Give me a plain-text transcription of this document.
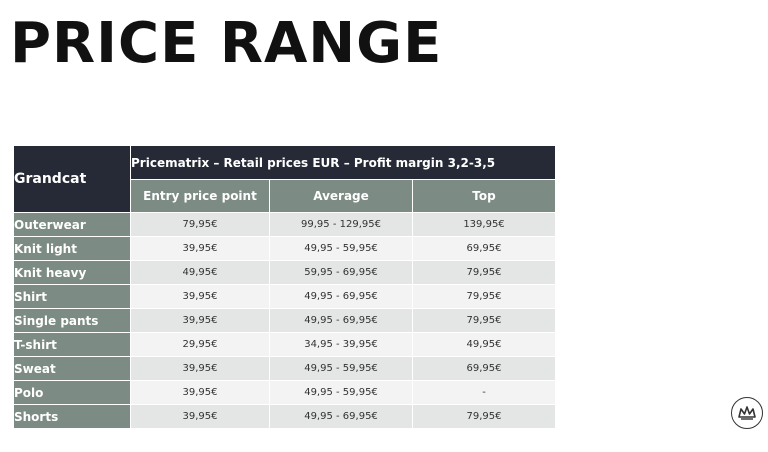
PRICE RANGE
Grandcat	Pricematrix – Retail prices EUR – Profit margin 3,2-3,5		
	Entry price point	Average	Top
Outerwear	79,95€	99,95 - 129,95€	139,95€
Knit light	39,95€	49,95 - 59,95€	69,95€
Knit heavy	49,95€	59,95 - 69,95€	79,95€
Shirt	39,95€	49,95 - 69,95€	79,95€
Single pants	39,95€	49,95 - 69,95€	79,95€
T-shirt	29,95€	34,95 - 39,95€	49,95€
Sweat	39,95€	49,95 - 59,95€	69,95€
Polo	39,95€	49,95 - 59,95€	-
Shorts	39,95€	49,95 - 69,95€	79,95€
